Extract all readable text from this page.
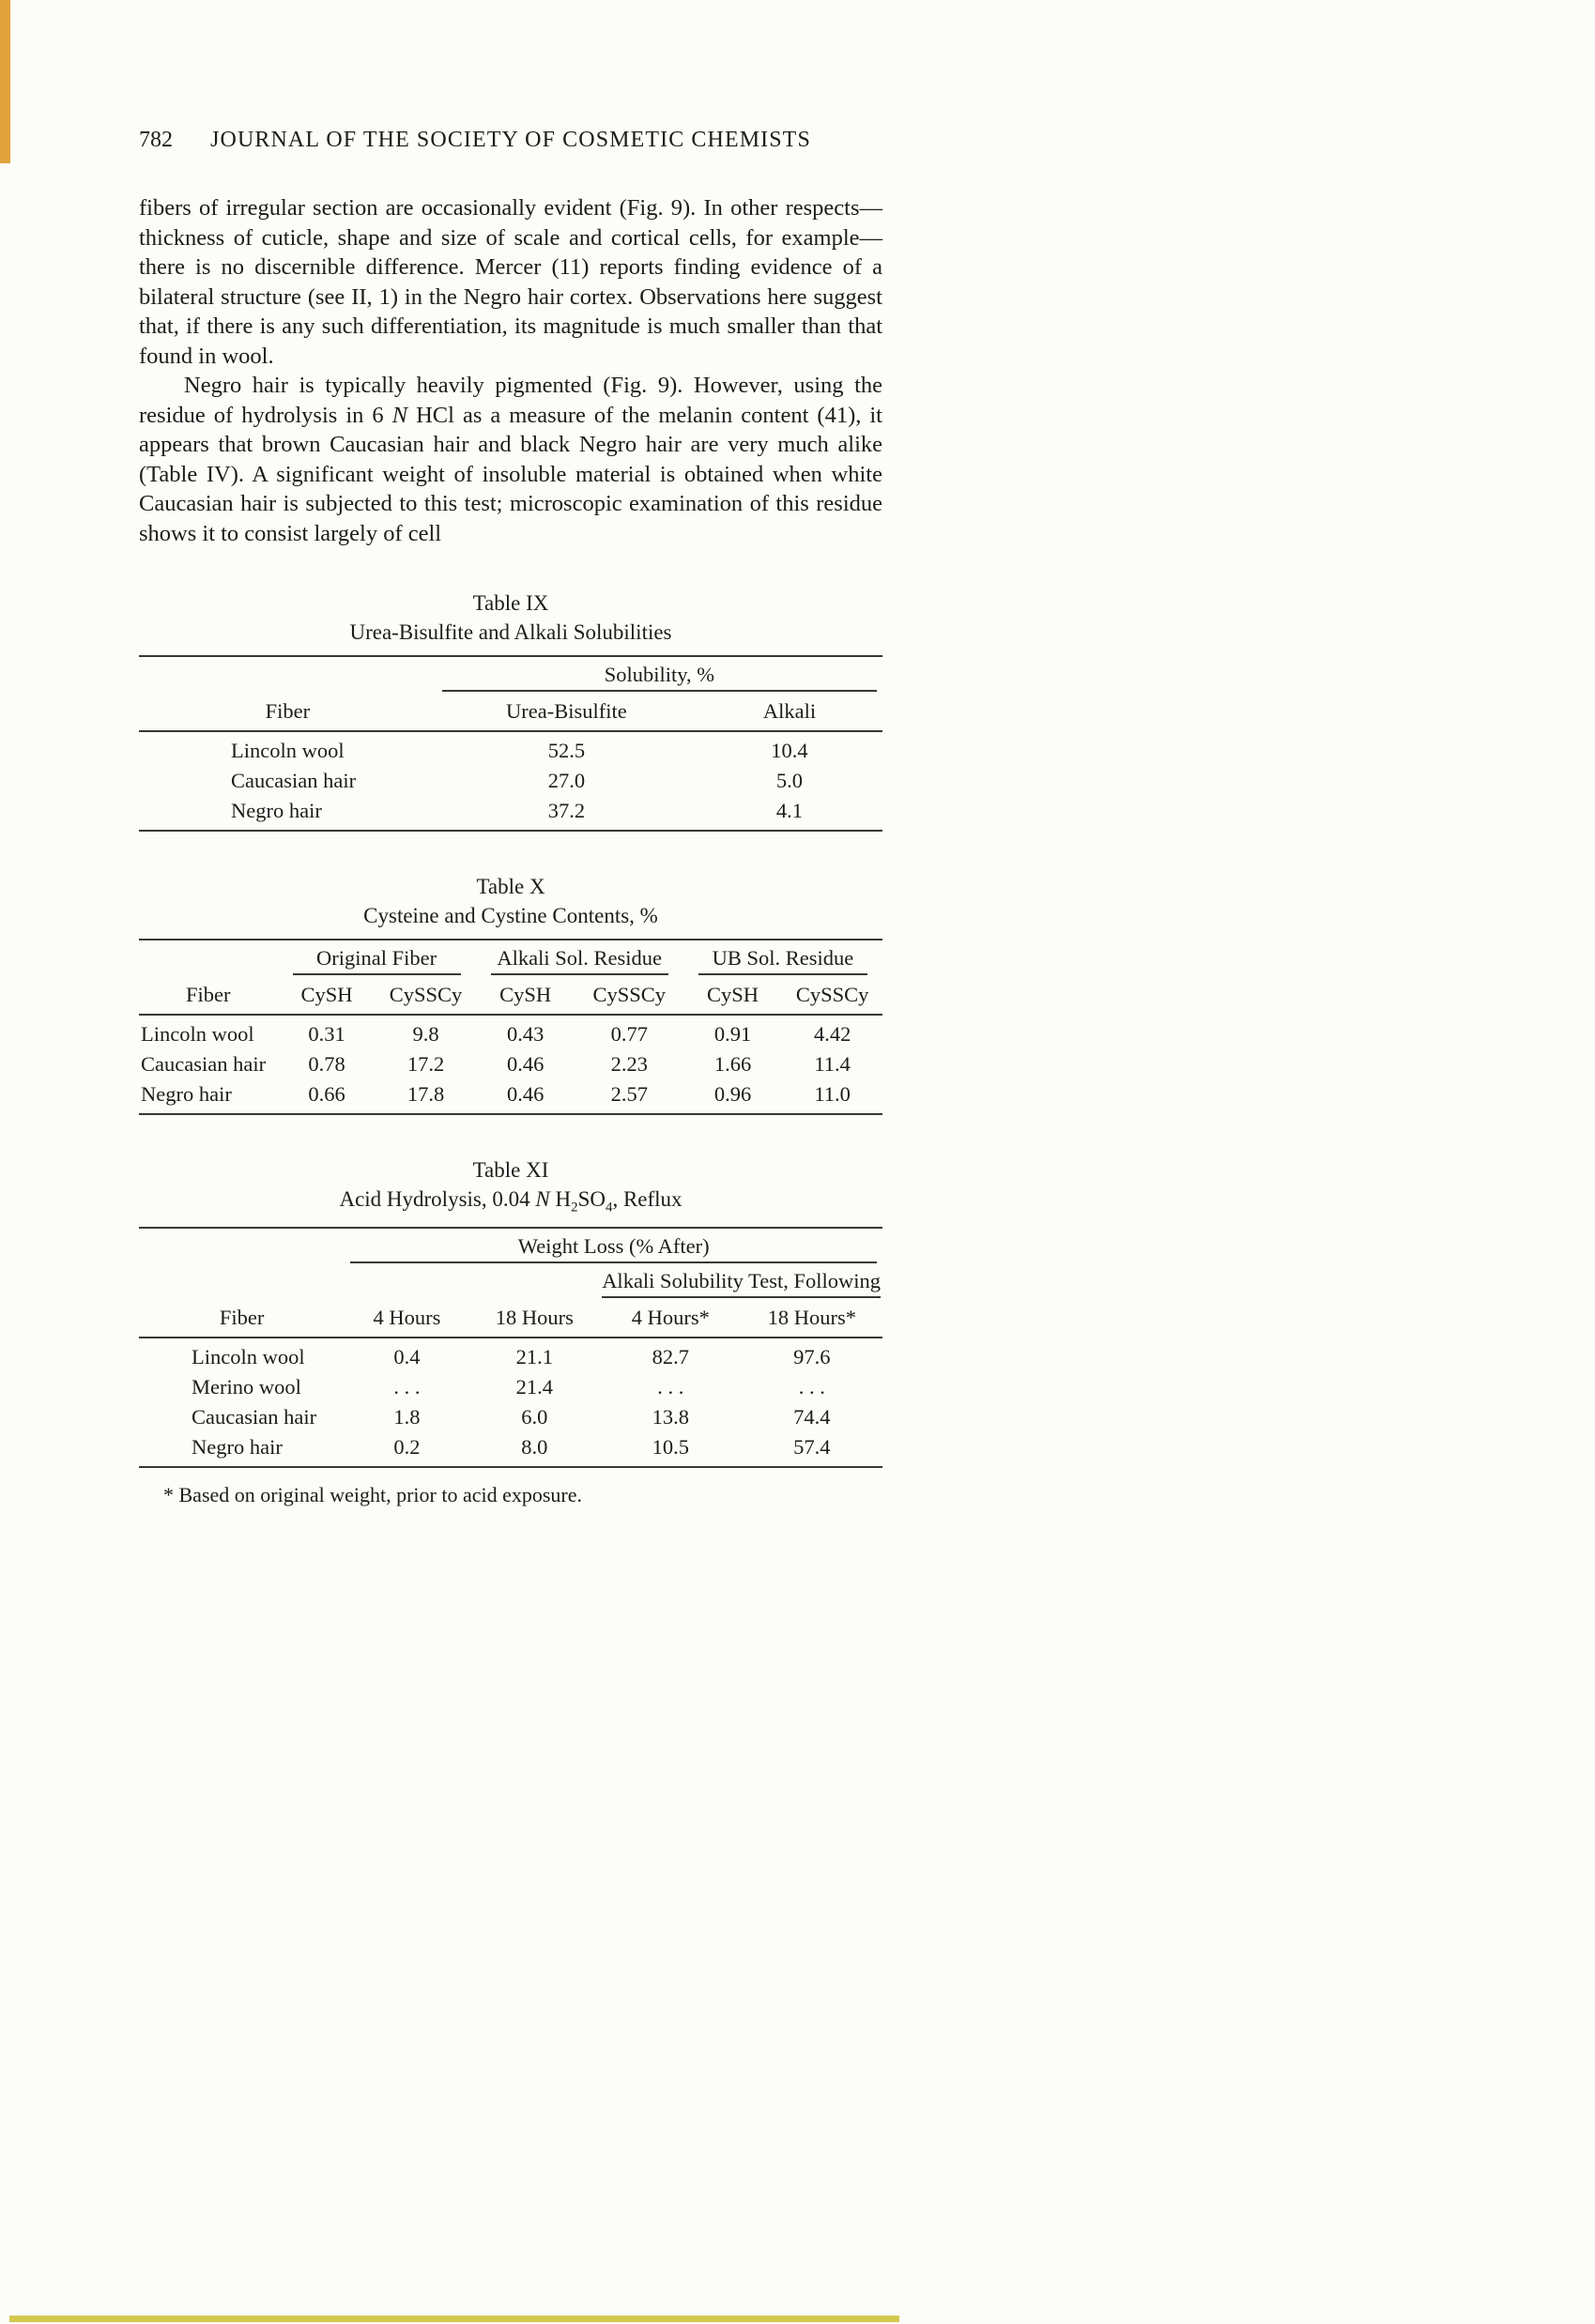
782 JOURNAL OF THE SOCIETY OF COSMETIC CHEMISTS

fibers of irregular section are occasionally evident (Fig. 9). In other respects—thickness of cuticle, shape and size of scale and cortical cells, for example—there is no discernible difference. Mercer (11) reports finding evidence of a bilateral structure (see II, 1) in the Negro hair cortex. Observations here suggest that, if there is any such differentiation, its magnitude is much smaller than that found in wool.

Negro hair is typically heavily pigmented (Fig. 9). However, using the residue of hydrolysis in 6 N HCl as a measure of the melanin content (41), it appears that brown Caucasian hair and black Negro hair are very much alike (Table IV). A significant weight of insoluble material is obtained when white Caucasian hair is subjected to this test; microscopic examination of this residue shows it to consist largely of cell

Table IX
Urea-Bisulfite and Alkali Solubilities

	Solubility, %	

Fiber	Urea-Bisulfite	Alkali
Lincoln wool	52.5	10.4
Caucasian hair	27.0	5.0
Negro hair	37.2	4.1
Table X
Cysteine and Cystine Contents, %

	Original Fiber		Alkali Sol. Residue		UB Sol. Residue	

Fiber	CySH	CySSCy	CySH	CySSCy	CySH	CySSCy
Lincoln wool	0.31	9.8	0.43	0.77	0.91	4.42
Caucasian hair	0.78	17.2	0.46	2.23	1.66	11.4
Negro hair	0.66	17.8	0.46	2.57	0.96	11.0
Table XI
Acid Hydrolysis, 0.04 N $H_2SO_4$, Reflux

	Weight Loss (% After)			

			Alkali Solubility Test, Following	

Fiber	4 Hours	18 Hours	4 Hours*	18 Hours*
Lincoln wool	0.4	21.1	82.7	97.6
Merino wool	. . .	21.4	. . .	. . .
Caucasian hair	1.8	6.0	13.8	74.4
Negro hair	0.2	8.0	10.5	57.4
* Based on original weight, prior to acid exposure.
